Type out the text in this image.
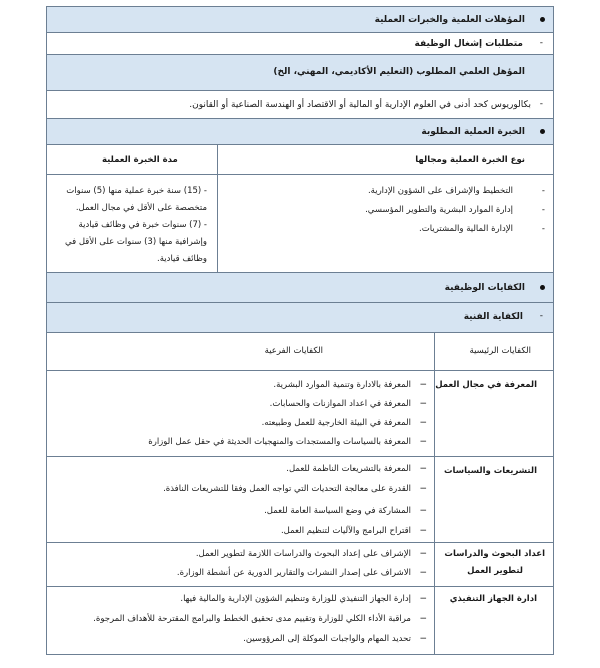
المؤهلات العلمية والخبرات العملية
-
متطلبات إشغال الوظيفة
المؤهل العلمي المطلوب (التعليم الأكاديمي، المهني، الخ)
-
بكالوريوس كحد أدنى في العلوم الإدارية أو المالية أو الاقتصاد أو الهندسة الصناعية أو القانون.
الخبرة العملية المطلوبة
نوع الخبرة العملية ومجالها
مدة الخبرة العملية
-
التخطيط والإشراف على الشؤون الإدارية.
-
إدارة الموارد البشرية والتطوير المؤسسي.
-
الإدارة المالية والمشتريات.
- (15) سنة خبرة عملية منها (5) سنوات
متخصصة على الأقل في مجال العمل.
- (7) سنوات خبرة في وظائف قيادية
وإشرافية منها (3) سنوات على الأقل في
وظائف قيادية.
الكفايات الوظيفية
-
الكفاية الفنية
الكفايات الرئيسية
الكفايات الفرعية
المعرفة في مجال العمل
−
المعرفة بالادارة وتنمية الموارد البشرية.
−
المعرفة في اعداد الموازنات والحسابات.
−
المعرفة في البيئة الخارجية للعمل وطبيعته.
−
المعرفة بالسياسات والمستجدات والمنهجيات الحديثة في حقل عمل الوزارة
التشريعات والسياسات
−
المعرفة بالتشريعات الناظمة للعمل.
−
القدرة على معالجة التحديات التي تواجه العمل وفقا للتشريعات النافذة.
−
المشاركة في وضع السياسة العامة للعمل.
−
اقتراح البرامج والآليات لتنظيم العمل.
اعداد البحوث والدراسات
لتطوير العمل
−
الإشراف على إعداد البحوث والدراسات اللازمة لتطوير العمل.
−
الاشراف على إصدار النشرات والتقارير الدورية عن أنشطة الوزارة.
ادارة الجهاز التنفيذي
−
إدارة الجهاز التنفيذي للوزارة وتنظيم الشؤون الإدارية والمالية فيها.
−
مراقبة الأداء الكلي للوزارة وتقييم مدى تحقيق الخطط والبرامج المقترحة للأهداف المرجوة.
−
تحديد المهام والواجبات الموكلة إلى المرؤوسين.
